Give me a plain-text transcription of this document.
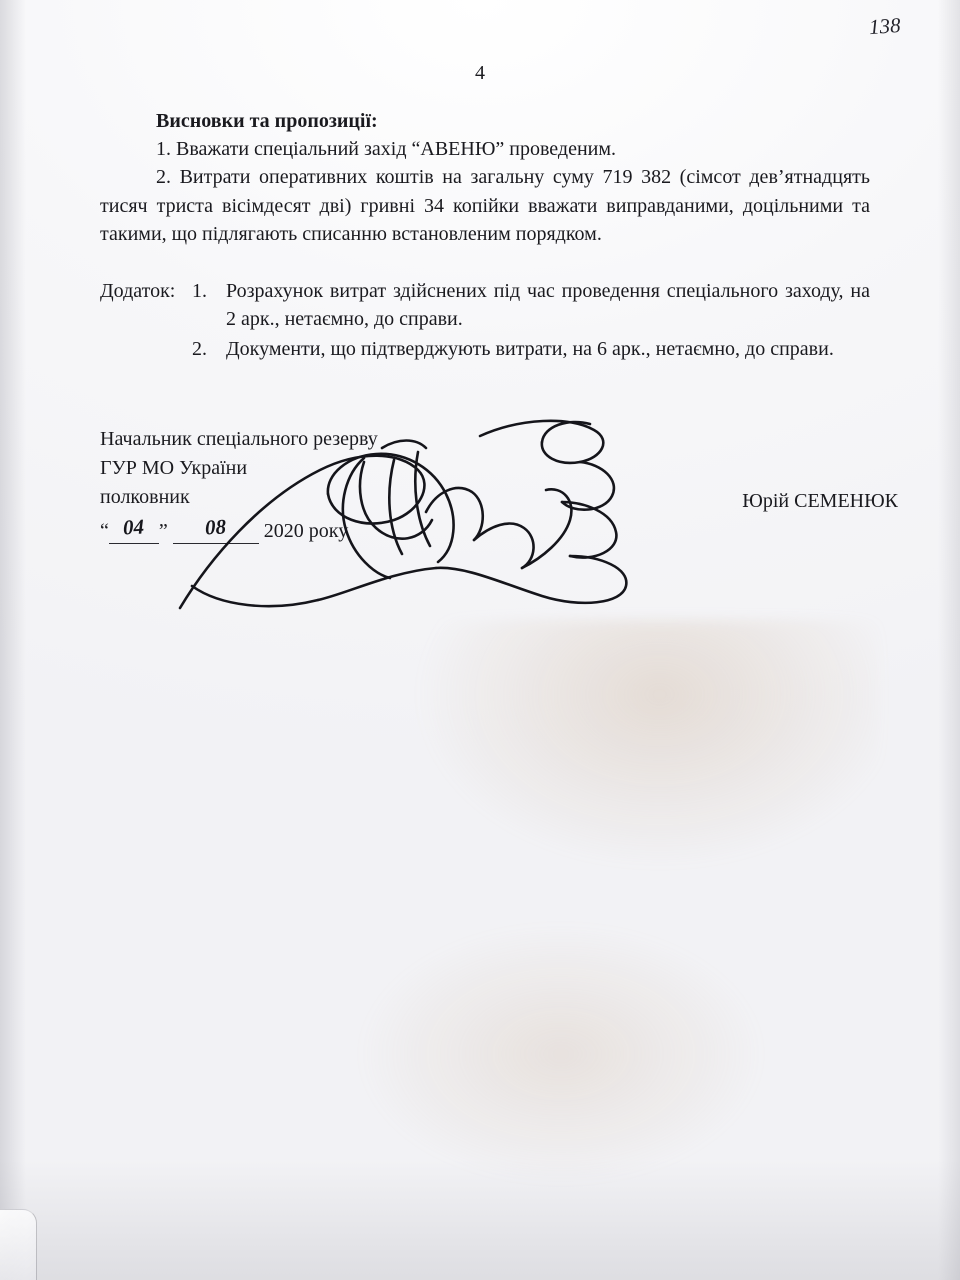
138
4
Висновки та пропозиції:

1. Вважати спеціальний захід “АВЕНЮ” проведеним.

2. Витрати оперативних коштів на загальну суму 719 382 (сімсот дев’ятнадцять тисяч триста вісімдесят дві) гривні 34 копійки вважати виправданими, доцільними та такими, що підлягають списанню встановленим порядком.

Додаток: 1. Розрахунок витрат здійснених під час проведення спеціального заходу, на 2 арк., нетаємно, до справи.
2. Документи, що підтверджують витрати, на 6 арк., нетаємно, до справи.
Начальник спеціального резерву
ГУР МО України
полковник
“ 04 ” 08 2020 року
Юрій СЕМЕНЮК
